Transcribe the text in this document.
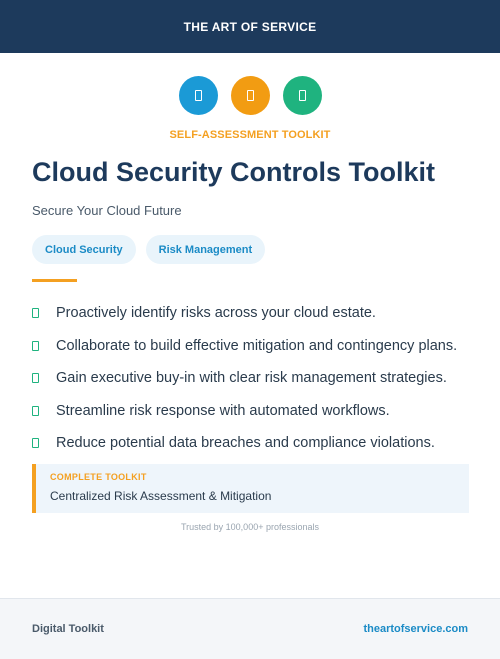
THE ART OF SERVICE
SELF-ASSESSMENT TOOLKIT
Cloud Security Controls Toolkit
Secure Your Cloud Future
Cloud Security	Risk Management
Proactively identify risks across your cloud estate.
Collaborate to build effective mitigation and contingency plans.
Gain executive buy-in with clear risk management strategies.
Streamline risk response with automated workflows.
Reduce potential data breaches and compliance violations.
COMPLETE TOOLKIT
Centralized Risk Assessment & Mitigation
Trusted by 100,000+ professionals
Digital Toolkit	theartofservice.com
